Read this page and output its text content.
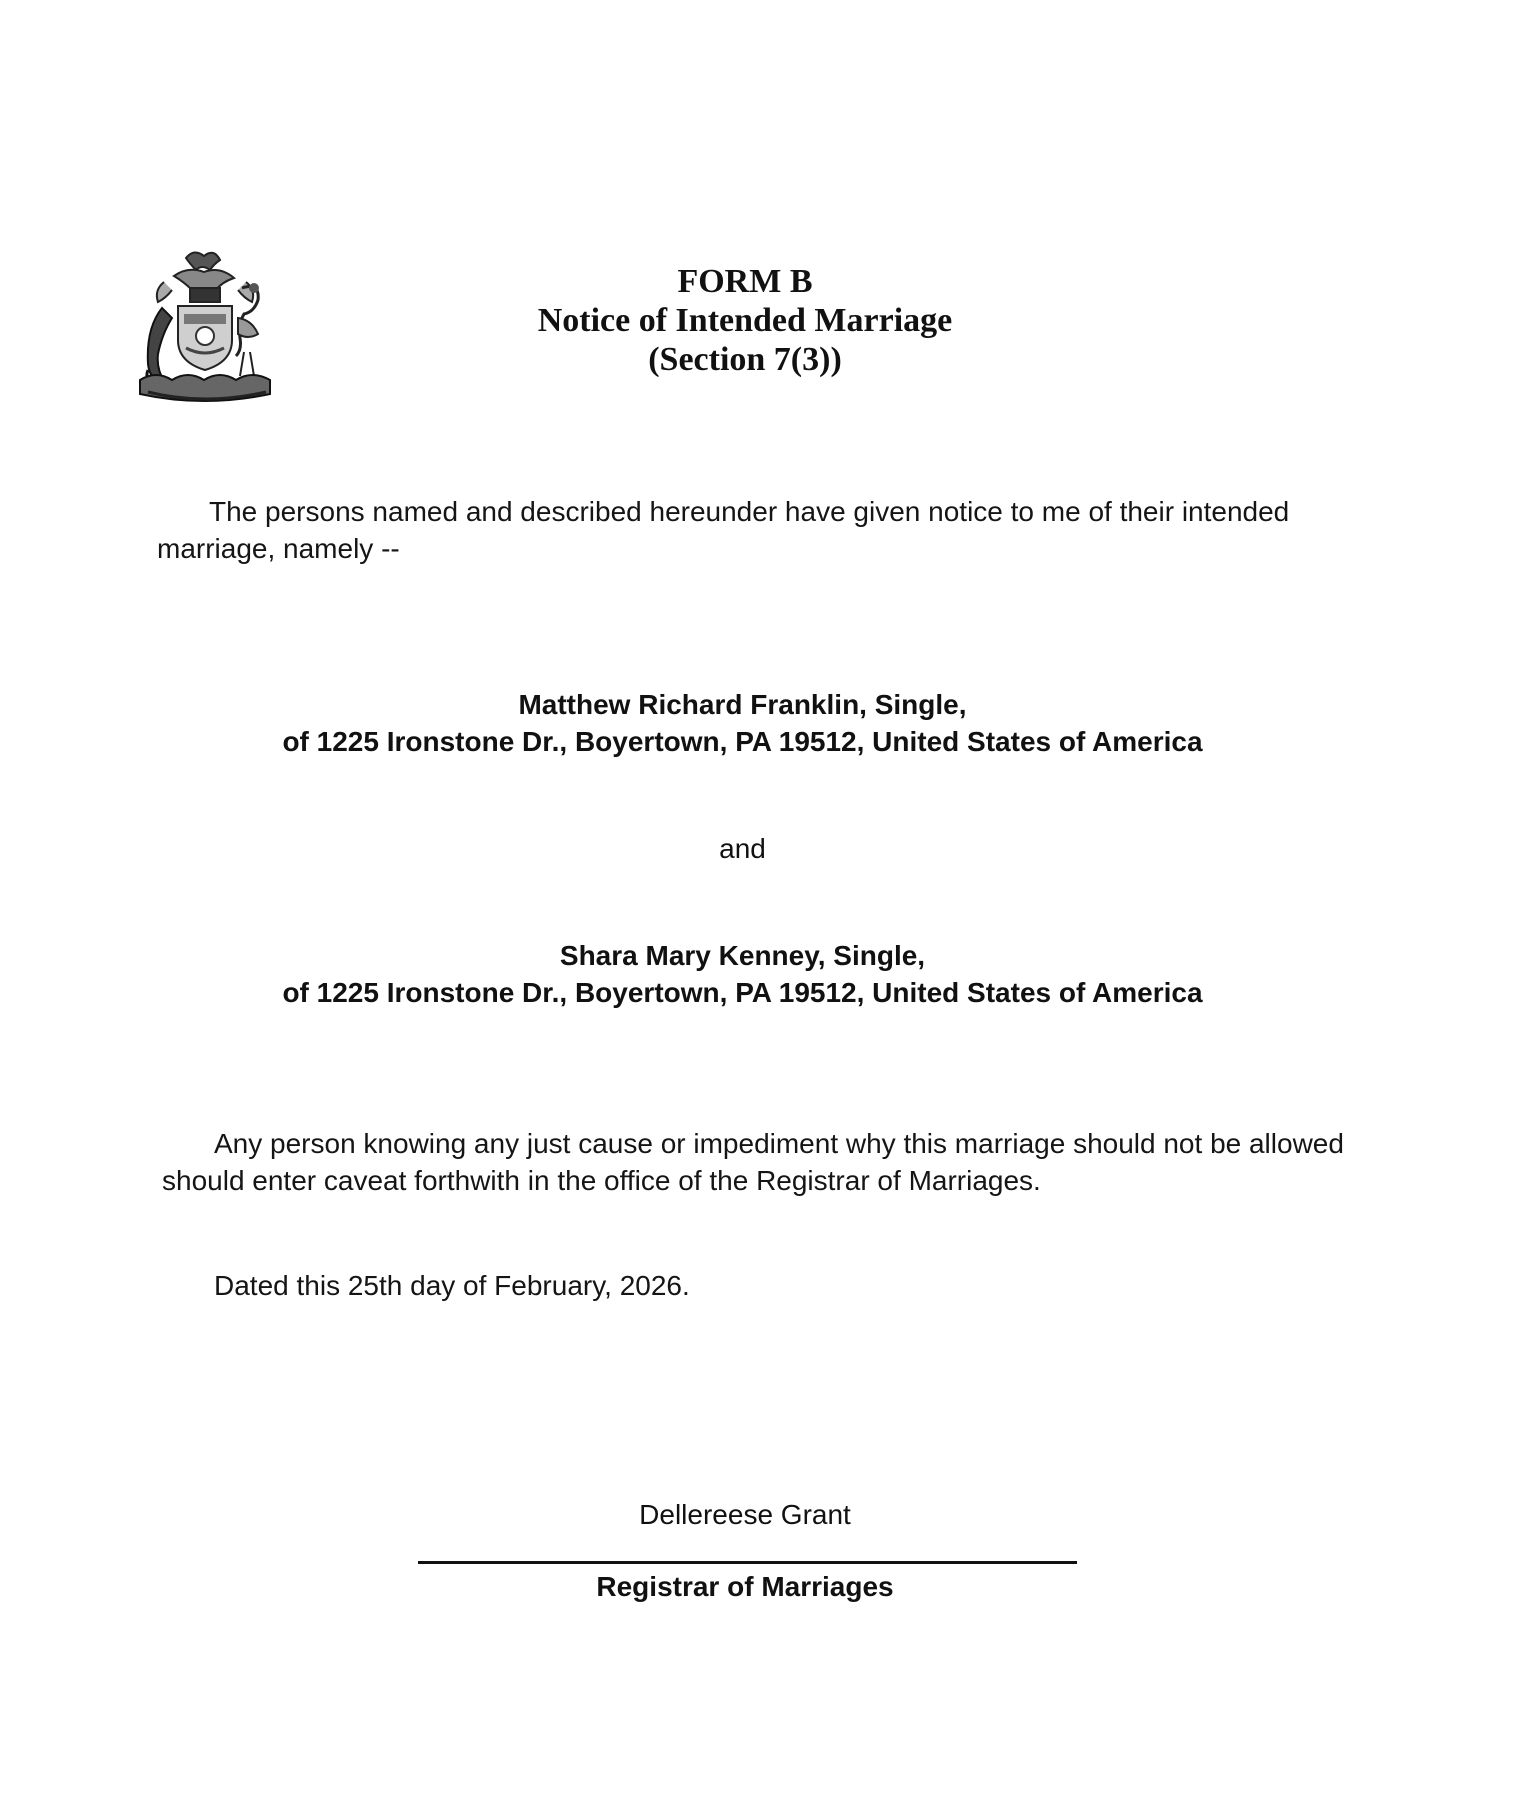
FORM B
Notice of Intended Marriage
(Section 7(3))
The persons named and described hereunder have given notice to me of their intended marriage, namely --
Matthew Richard Franklin, Single,
of 1225 Ironstone Dr., Boyertown, PA 19512, United States of America
and
Shara Mary Kenney, Single,
of 1225 Ironstone Dr., Boyertown, PA 19512, United States of America
Any person knowing any just cause or impediment why this marriage should not be allowed should enter caveat forthwith in the office of the Registrar of Marriages.
Dated this 25th day of February, 2026.
Dellereese Grant
Registrar of Marriages
